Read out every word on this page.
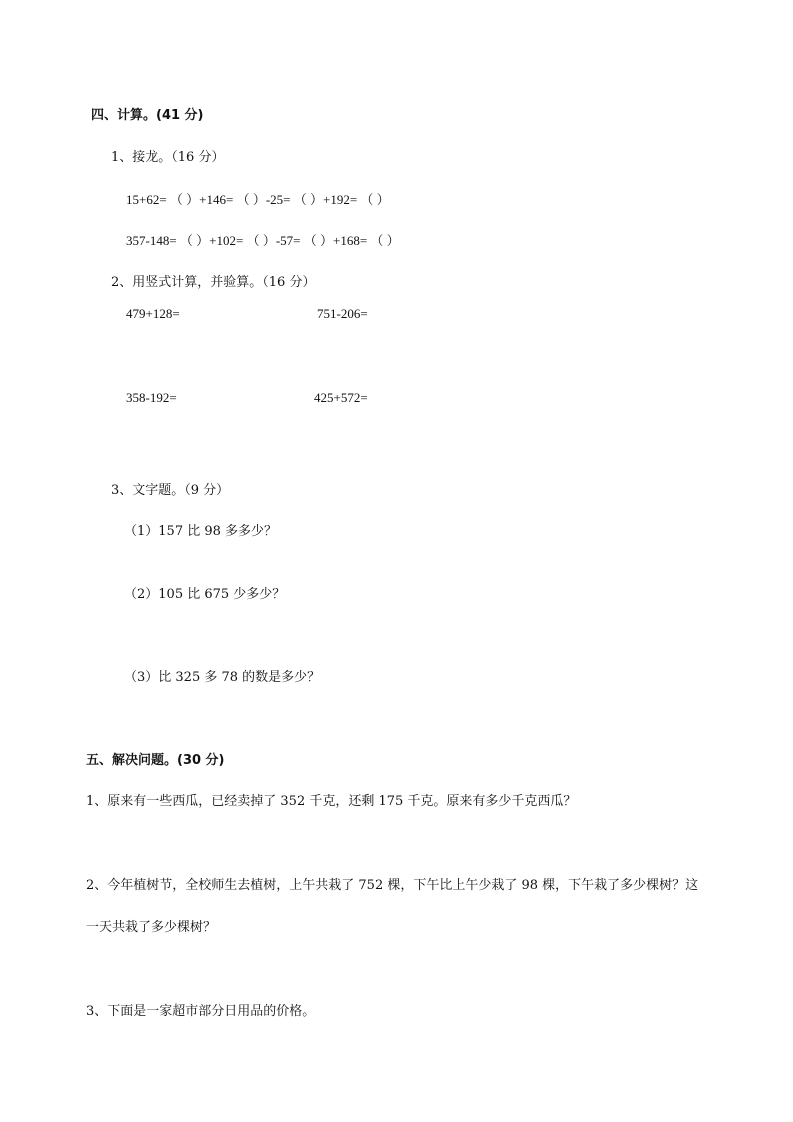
四、计算。(41 分)
1、接龙。（16 分）
15+62= （ ）+146= （ ）-25= （ ）+192= （ ）
357-148= （ ）+102= （ ）-57= （ ）+168= （ ）
2、用竖式计算，并验算。（16 分）
479+128=	751-206=
358-192=	425+572=
3、文字题。（9 分）
（1）157 比 98 多多少？
（2）105 比 675 少多少？
（3）比 325 多 78 的数是多少？
五、解决问题。(30 分)
1、原来有一些西瓜，已经卖掉了 352 千克，还剩 175 千克。原来有多少千克西瓜？
2、今年植树节，全校师生去植树，上午共栽了 752 棵，下午比上午少栽了 98 棵，下午栽了多少棵树？这
一天共栽了多少棵树？
3、下面是一家超市部分日用品的价格。
